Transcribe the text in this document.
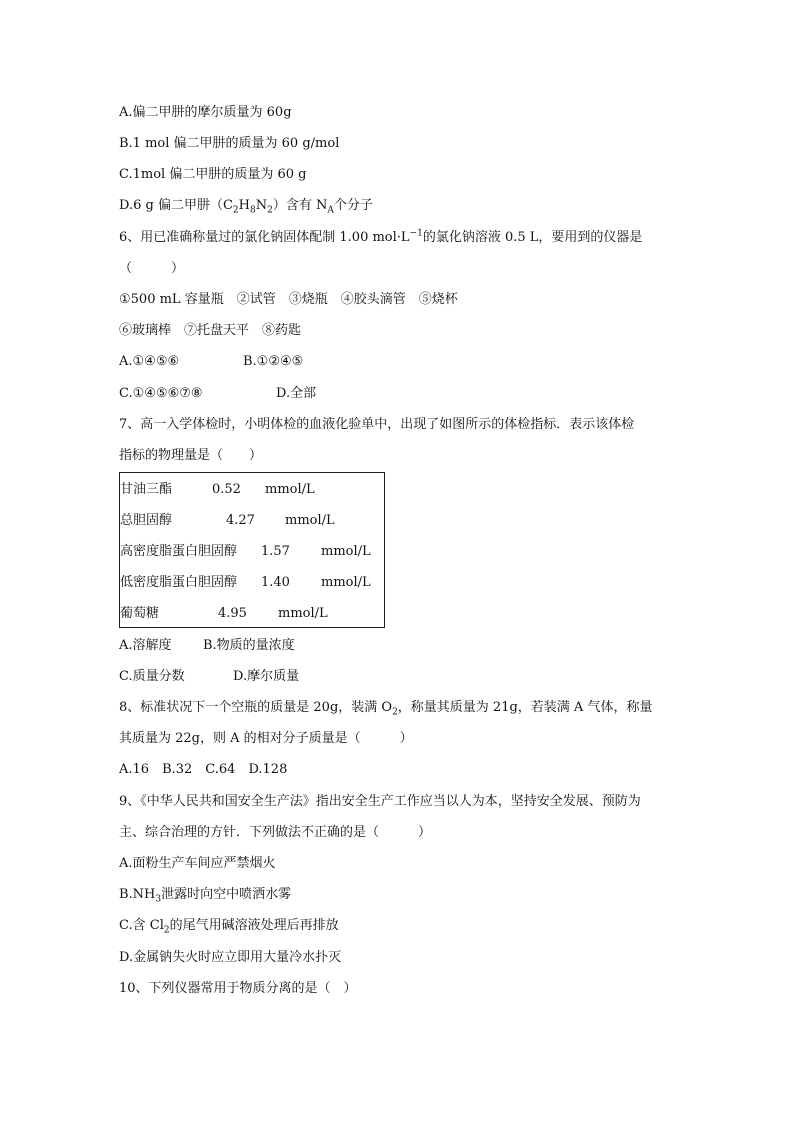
A.偏二甲肼的摩尔质量为 60g
B.1 mol 偏二甲肼的质量为 60 g/mol
C.1mol 偏二甲肼的质量为 60 g
D.6 g 偏二甲肼$(C_2H_8N_2)$含有 $N_A$个分子
6、用已准确称量过的氯化钠固体配制 1.00 $mol\cdot L^{-1}$的氯化钠溶液 0.5 L，要用到的仪器是
（　　　）
①500 mL 容量瓶　②试管　③烧瓶　④胶头滴管　⑤烧杯
⑥玻璃棒　⑦托盘天平　⑧药匙
A.①④⑤⑥	B.①②④⑤
C.①④⑤⑥⑦⑧	D.全部
7、高一入学体检时，小明体检的血液化验单中，出现了如图所示的体检指标．表示该体检
指标的物理量是（　　）
甘油三酯	0.52 mmol/L
总胆固醇	4.27 mmol/L
高密度脂蛋白胆固醇 1.57 mmol/L
低密度脂蛋白胆固醇 1.40 mmol/L
葡萄糖	4.95 mmol/L
A.溶解度 B.物质的量浓度
C.质量分数	D.摩尔质量
8、标准状况下一个空瓶的质量是 20g，装满 $O_2$，称量其质量为 21g，若装满 A 气体，称量
其质量为 22g，则 A 的相对分子质量是（　　　）
A.16　B.32　C.64　D.128
9、《中华人民共和国安全生产法》指出安全生产工作应当以人为本，坚持安全发展、预防为
主、综合治理的方针．下列做法不正确的是（　　　）
A.面粉生产车间应严禁烟火
$B.NH_3$泄露时向空中喷洒水雾
C.含 $Cl_2$的尾气用碱溶液处理后再排放
D.金属钠失火时应立即用大量冷水扑灭
10、下列仪器常用于物质分离的是（　）
